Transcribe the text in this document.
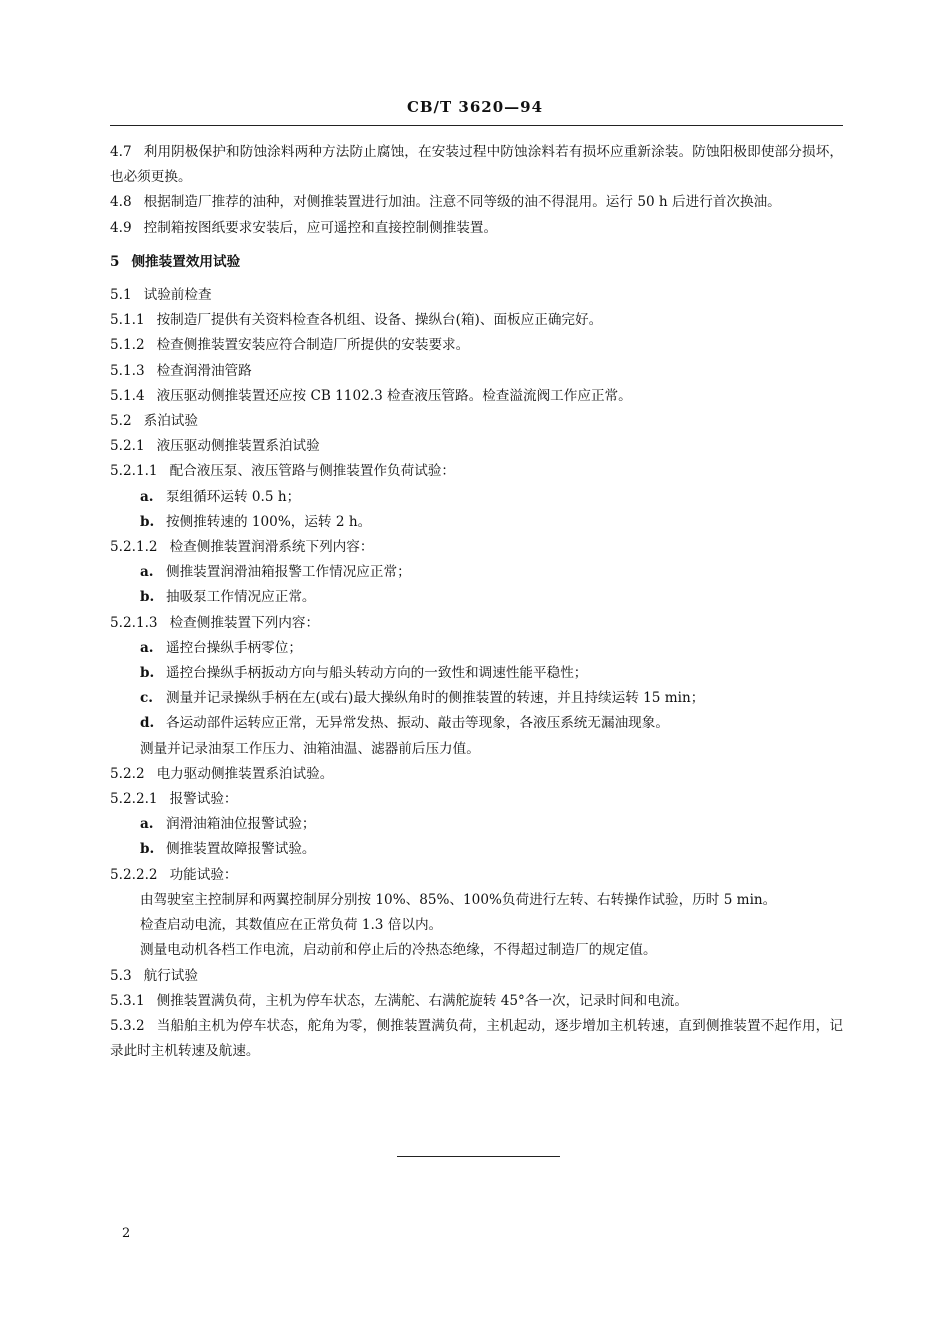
CB/T 3620—94
4.7 利用阴极保护和防蚀涂料两种方法防止腐蚀，在安装过程中防蚀涂料若有损坏应重新涂装。防蚀阳极即使部分损坏，也必须更换。
4.8 根据制造厂推荐的油种，对侧推装置进行加油。注意不同等级的油不得混用。运行 50 h 后进行首次换油。
4.9 控制箱按图纸要求安装后，应可遥控和直接控制侧推装置。
5 侧推装置效用试验
5.1 试验前检查
5.1.1 按制造厂提供有关资料检查各机组、设备、操纵台(箱)、面板应正确完好。
5.1.2 检查侧推装置安装应符合制造厂所提供的安装要求。
5.1.3 检查润滑油管路
5.1.4 液压驱动侧推装置还应按 CB 1102.3 检查液压管路。检查溢流阀工作应正常。
5.2 系泊试验
5.2.1 液压驱动侧推装置系泊试验
5.2.1.1 配合液压泵、液压管路与侧推装置作负荷试验：
a. 泵组循环运转 0.5 h；
b. 按侧推转速的 100%，运转 2 h。
5.2.1.2 检查侧推装置润滑系统下列内容：
a. 侧推装置润滑油箱报警工作情况应正常；
b. 抽吸泵工作情况应正常。
5.2.1.3 检查侧推装置下列内容：
a. 遥控台操纵手柄零位；
b. 遥控台操纵手柄扳动方向与船头转动方向的一致性和调速性能平稳性；
c. 测量并记录操纵手柄在左(或右)最大操纵角时的侧推装置的转速，并且持续运转 15 min；
d. 各运动部件运转应正常，无异常发热、振动、敲击等现象，各液压系统无漏油现象。
测量并记录油泵工作压力、油箱油温、滤器前后压力值。
5.2.2 电力驱动侧推装置系泊试验。
5.2.2.1 报警试验：
a. 润滑油箱油位报警试验；
b. 侧推装置故障报警试验。
5.2.2.2 功能试验：
由驾驶室主控制屏和两翼控制屏分别按 10%、85%、100%负荷进行左转、右转操作试验，历时 5 min。
检查启动电流，其数值应在正常负荷 1.3 倍以内。
测量电动机各档工作电流，启动前和停止后的冷热态绝缘，不得超过制造厂的规定值。
5.3 航行试验
5.3.1 侧推装置满负荷，主机为停车状态，左满舵、右满舵旋转 45°各一次，记录时间和电流。
5.3.2 当船舶主机为停车状态，舵角为零，侧推装置满负荷，主机起动，逐步增加主机转速，直到侧推装置不起作用，记录此时主机转速及航速。
2
